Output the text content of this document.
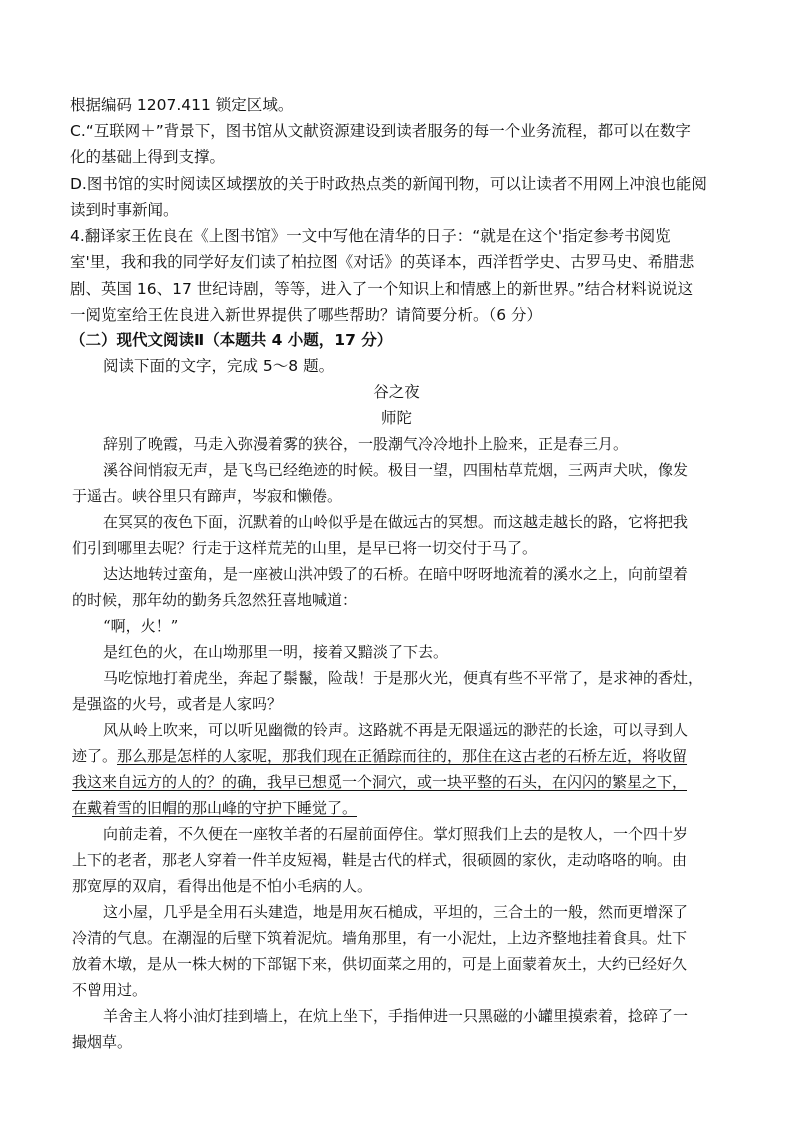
根据编码 1207.411 锁定区域。
C.“互联网＋”背景下，图书馆从文献资源建设到读者服务的每一个业务流程，都可以在数字
化的基础上得到支撑。
D.图书馆的实时阅读区域摆放的关于时政热点类的新闻刊物，可以让读者不用网上冲浪也能阅
读到时事新闻。
4.翻译家王佐良在《上图书馆》一文中写他在清华的日子：“就是在这个'指定参考书阅览
室'里，我和我的同学好友们读了柏拉图《对话》的英译本，西洋哲学史、古罗马史、希腊悲
剧、英国 16、17 世纪诗剧，等等，进入了一个知识上和情感上的新世界。”结合材料说说这
一阅览室给王佐良进入新世界提供了哪些帮助？请简要分析。（6 分）
（二）现代文阅读Ⅱ（本题共 4 小题，17 分）
阅读下面的文字，完成 5～8 题。
谷之夜
师陀
辞别了晚霞，马走入弥漫着雾的狭谷，一股潮气冷冷地扑上脸来，正是春三月。
溪谷间悄寂无声，是飞鸟已经绝迹的时候。极目一望，四围枯草荒烟，三两声犬吠，像发
于遥古。峡谷里只有蹄声，岑寂和懒倦。
在冥冥的夜色下面，沉默着的山岭似乎是在做远古的冥想。而这越走越长的路，它将把我
们引到哪里去呢？行走于这样荒芜的山里，是早已将一切交付于马了。
达达地转过蛮角，是一座被山洪冲毁了的石桥。在暗中呀呀地流着的溪水之上，向前望着
的时候，那年幼的勤务兵忽然狂喜地喊道：
“啊，火！”
是红色的火，在山坳那里一明，接着又黯淡了下去。
马吃惊地打着虎坐，奔起了鬃鬣，险哉！于是那火光，便真有些不平常了，是求神的香灶，
是强盗的火号，或者是人家吗？
风从岭上吹来，可以听见幽微的铃声。这路就不再是无限遥远的渺茫的长途，可以寻到人
迹了。那么那是怎样的人家呢，那我们现在正循踪而往的，那住在这古老的石桥左近，将收留
我这来自远方的人的？的确，我早已想觅一个洞穴，或一块平整的石头，在闪闪的繁星之下，
在戴着雪的旧帽的那山峰的守护下睡觉了。
向前走着，不久便在一座牧羊者的石屋前面停住。掌灯照我们上去的是牧人，一个四十岁
上下的老者，那老人穿着一件羊皮短褐，鞋是古代的样式，很硕圆的家伙，走动咯咯的响。由
那宽厚的双肩，看得出他是不怕小毛病的人。
这小屋，几乎是全用石头建造，地是用灰石槌成，平坦的，三合土的一般，然而更增深了
冷清的气息。在潮湿的后壁下筑着泥炕。墙角那里，有一小泥灶，上边齐整地挂着食具。灶下
放着木墩，是从一株大树的下部锯下来，供切面菜之用的，可是上面蒙着灰土，大约已经好久
不曾用过。
羊舍主人将小油灯挂到墙上，在炕上坐下，手指伸进一只黑磁的小罐里摸索着，捻碎了一
撮烟草。
